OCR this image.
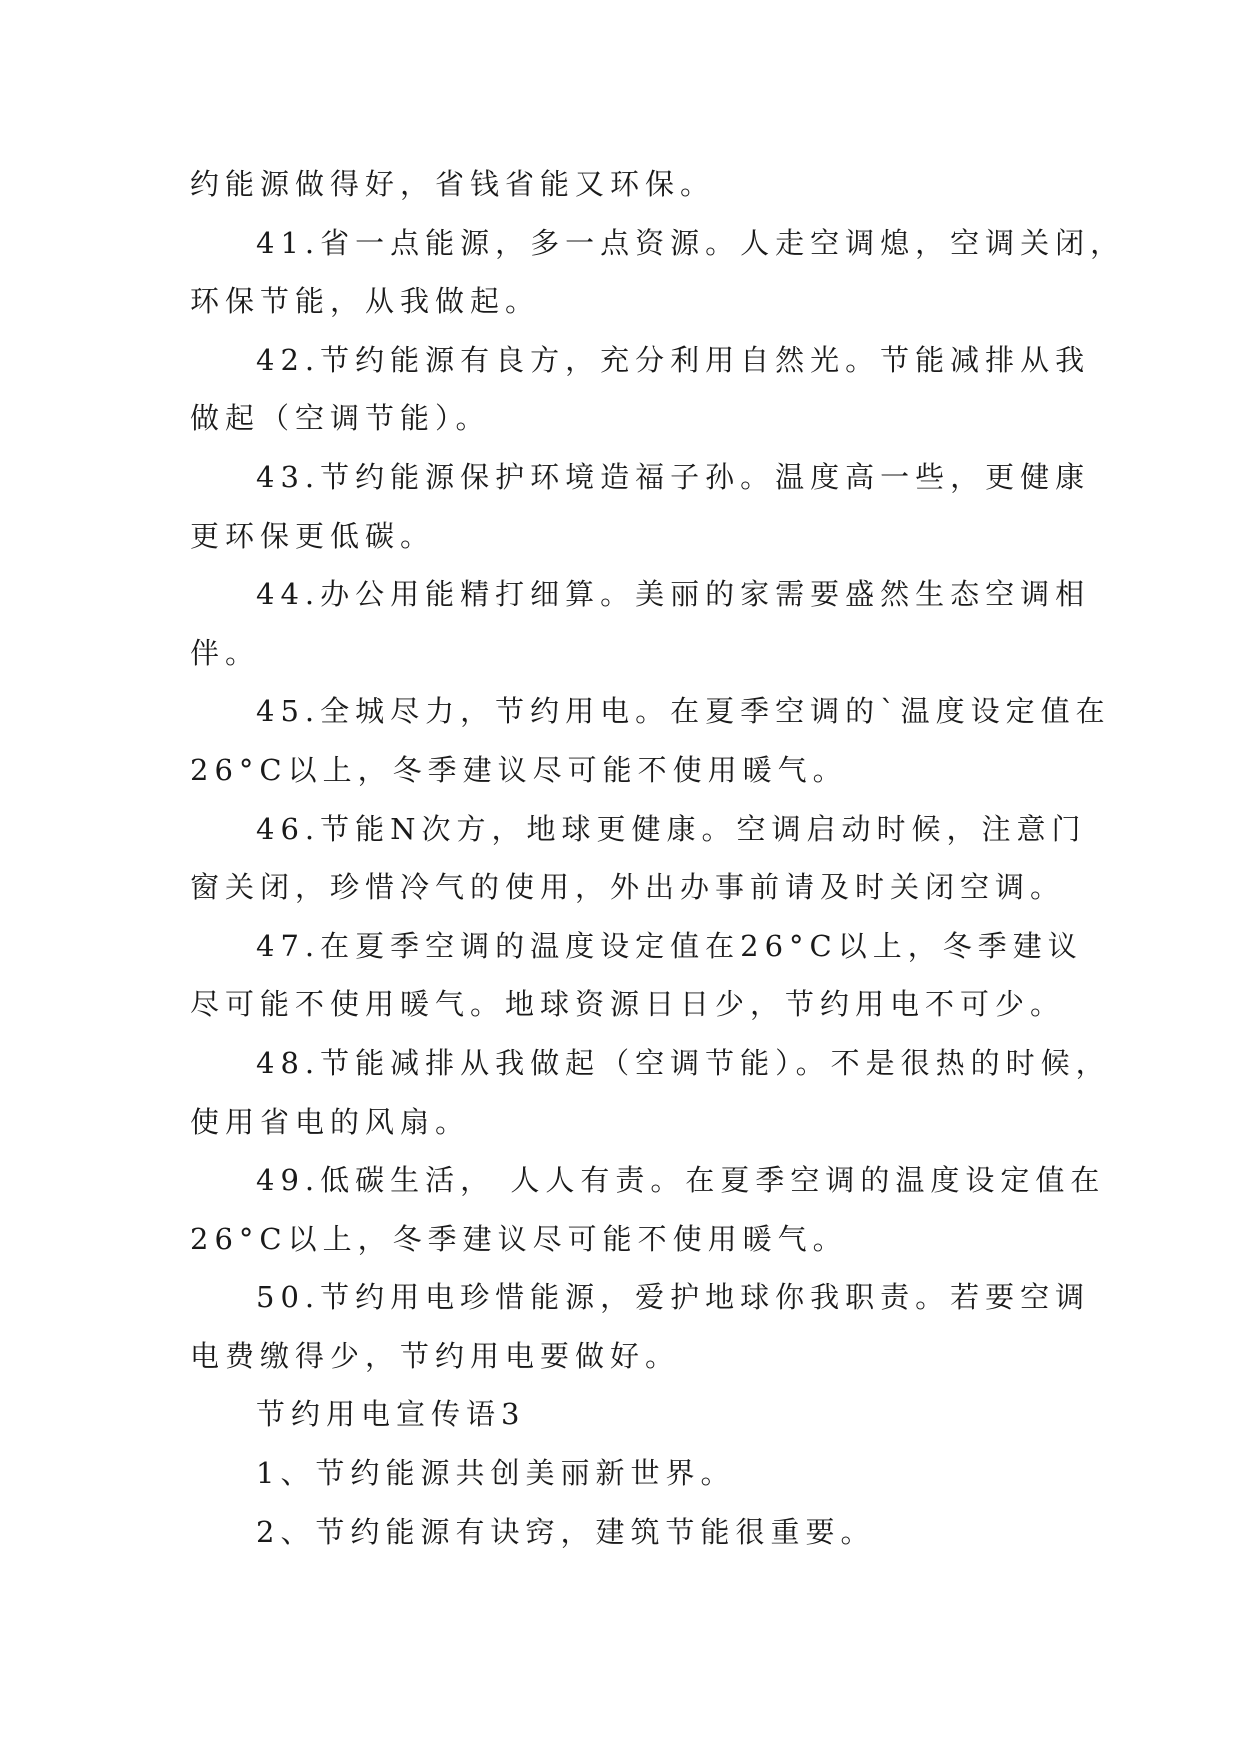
约能源做得好，省钱省能又环保。
41.省一点能源，多一点资源。人走空调熄，空调关闭，
环保节能，从我做起。
42.节约能源有良方，充分利用自然光。节能减排从我
做起（空调节能）。
43.节约能源保护环境造福子孙。温度高一些，更健康
更环保更低碳。
44.办公用能精打细算。美丽的家需要盛然生态空调相
伴。
45.全城尽力，节约用电。在夏季空调的`温度设定值在
26°C以上，冬季建议尽可能不使用暖气。
46.节能N次方，地球更健康。空调启动时候，注意门
窗关闭，珍惜冷气的使用，外出办事前请及时关闭空调。
47.在夏季空调的温度设定值在26°C以上，冬季建议
尽可能不使用暖气。地球资源日日少，节约用电不可少。
48.节能减排从我做起（空调节能）。不是很热的时候，
使用省电的风扇。
49.低碳生活， 人人有责。在夏季空调的温度设定值在
26°C以上，冬季建议尽可能不使用暖气。
50.节约用电珍惜能源，爱护地球你我职责。若要空调
电费缴得少，节约用电要做好。
节约用电宣传语3
1、节约能源共创美丽新世界。
2、节约能源有诀窍，建筑节能很重要。
